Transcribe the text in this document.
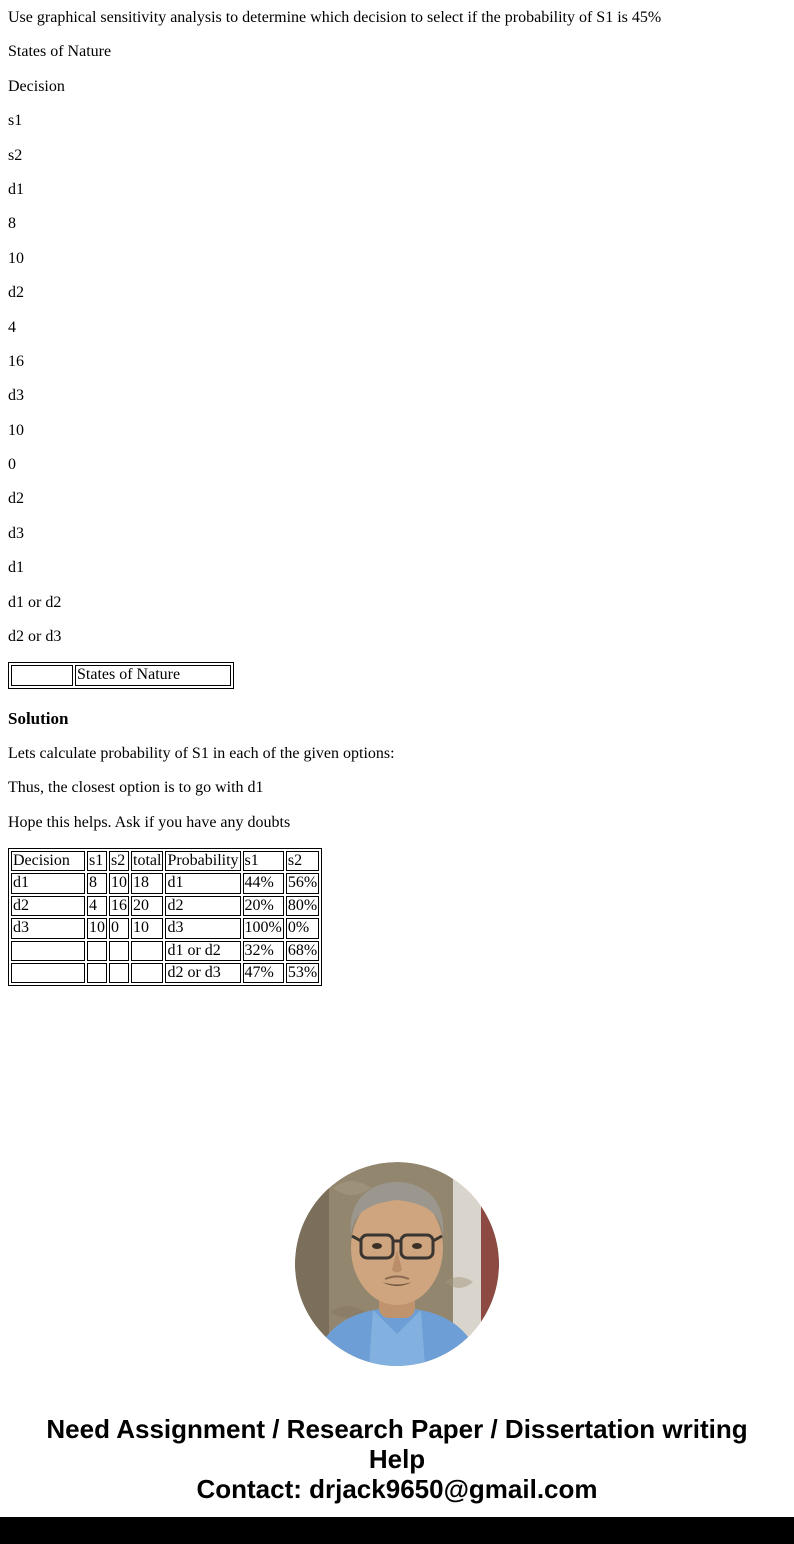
Use graphical sensitivity analysis to determine which decision to select if the probability of S1 is 45%

States of Nature

Decision

s1

s2

d1

8

10

d2

4

16

d3

10

0

d2

d3

d1

d1 or d2

d2 or d3

	States of Nature
Solution

Lets calculate probability of S1 in each of the given options:

Thus, the closest option is to go with d1

Hope this helps. Ask if you have any doubts

Decision	s1	s2	total	Probability	s1	s2
d1	8	10	18	d1	44%	56%
d2	4	16	20	d2	20%	80%
d3	10	0	10	d3	100%	0%
				d1 or d2	32%	68%
				d2 or d3	47%	53%
Need Assignment / Research Paper / Dissertation writing Help
Contact: drjack9650@gmail.com
